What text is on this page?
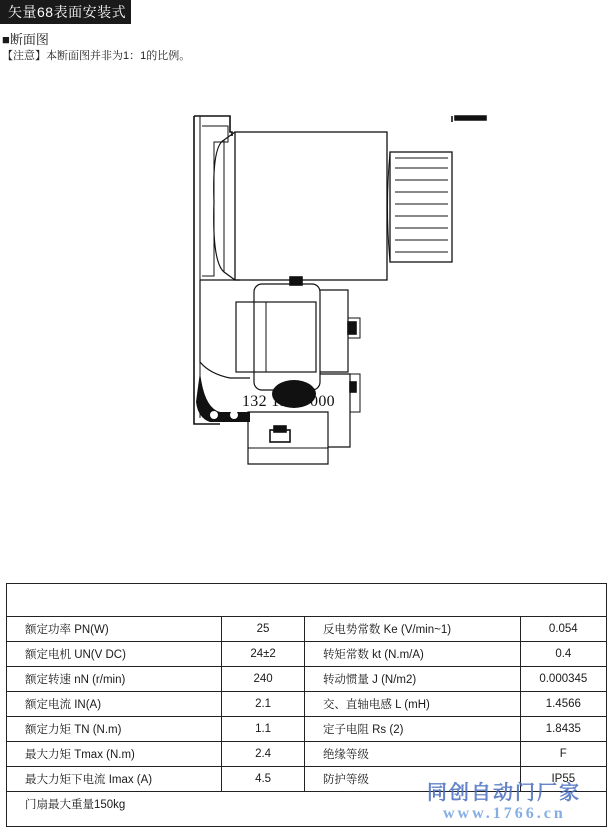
矢量68表面安装式
■断面图
【注意】本断面图并非为1：1的比例。
132 159-7000
额定功率 PN(W)	25	反电势常数 Ke (V/min~1)	0.054
额定电机 UN(V DC)	24±2	转矩常数 kt (N.m/A)	0.4
额定转速 nN (r/min)	240	转动惯量 J (N/m2)	0.000345
额定电流 IN(A)	2.1	交、直轴电感 L (mH)	1.4566
额定力矩 TN (N.m)	1.1	定子电阻 Rs (2)	1.8435
最大力矩 Tmax (N.m)	2.4	绝缘等级	F
最大力矩下电流 Imax (A)	4.5	防护等级	IP55
门扇最大重量150kg			
同创自动门厂家
www.1766.cn
